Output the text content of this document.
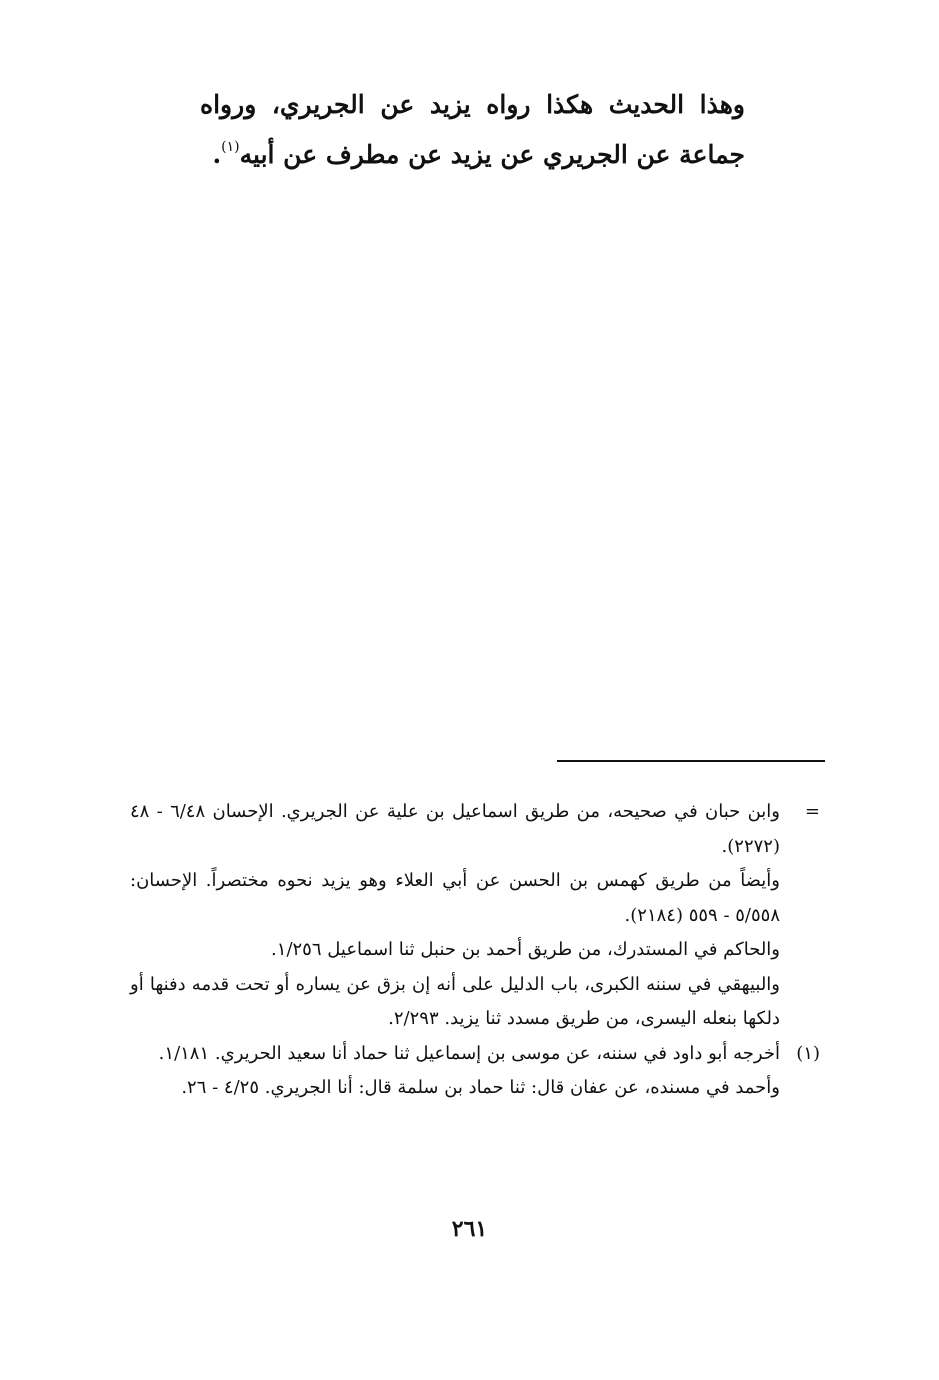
وهذا الحديث هكذا رواه يزيد عن الجريري، ورواه جماعة عن الجريري عن يزيد عن مطرف عن أبيه$^{(١)}$.

=

وابن حبان في صحيحه، من طريق اسماعيل بن علية عن الجريري. الإحسان ٦/٤٨ - ٤٨ (٢٢٧٢).

وأيضاً من طريق كهمس بن الحسن عن أبي العلاء وهو يزيد نحوه مختصراً. الإحسان: ٥/٥٥٨ - ٥٥٩ (٢١٨٤).

والحاكم في المستدرك، من طريق أحمد بن حنبل ثنا اسماعيل ١/٢٥٦.

والبيهقي في سننه الكبرى، باب الدليل على أنه إن بزق عن يساره أو تحت قدمه دفنها أو دلكها بنعله اليسرى، من طريق مسدد ثنا يزيد. ٢/٢٩٣.

(١)

أخرجه أبو داود في سننه، عن موسى بن إسماعيل ثنا حماد أنا سعيد الحريري. ١/١٨١.

وأحمد في مسنده، عن عفان قال: ثنا حماد بن سلمة قال: أنا الجريري. ٤/٢٥ - ٢٦.

٢٦١
